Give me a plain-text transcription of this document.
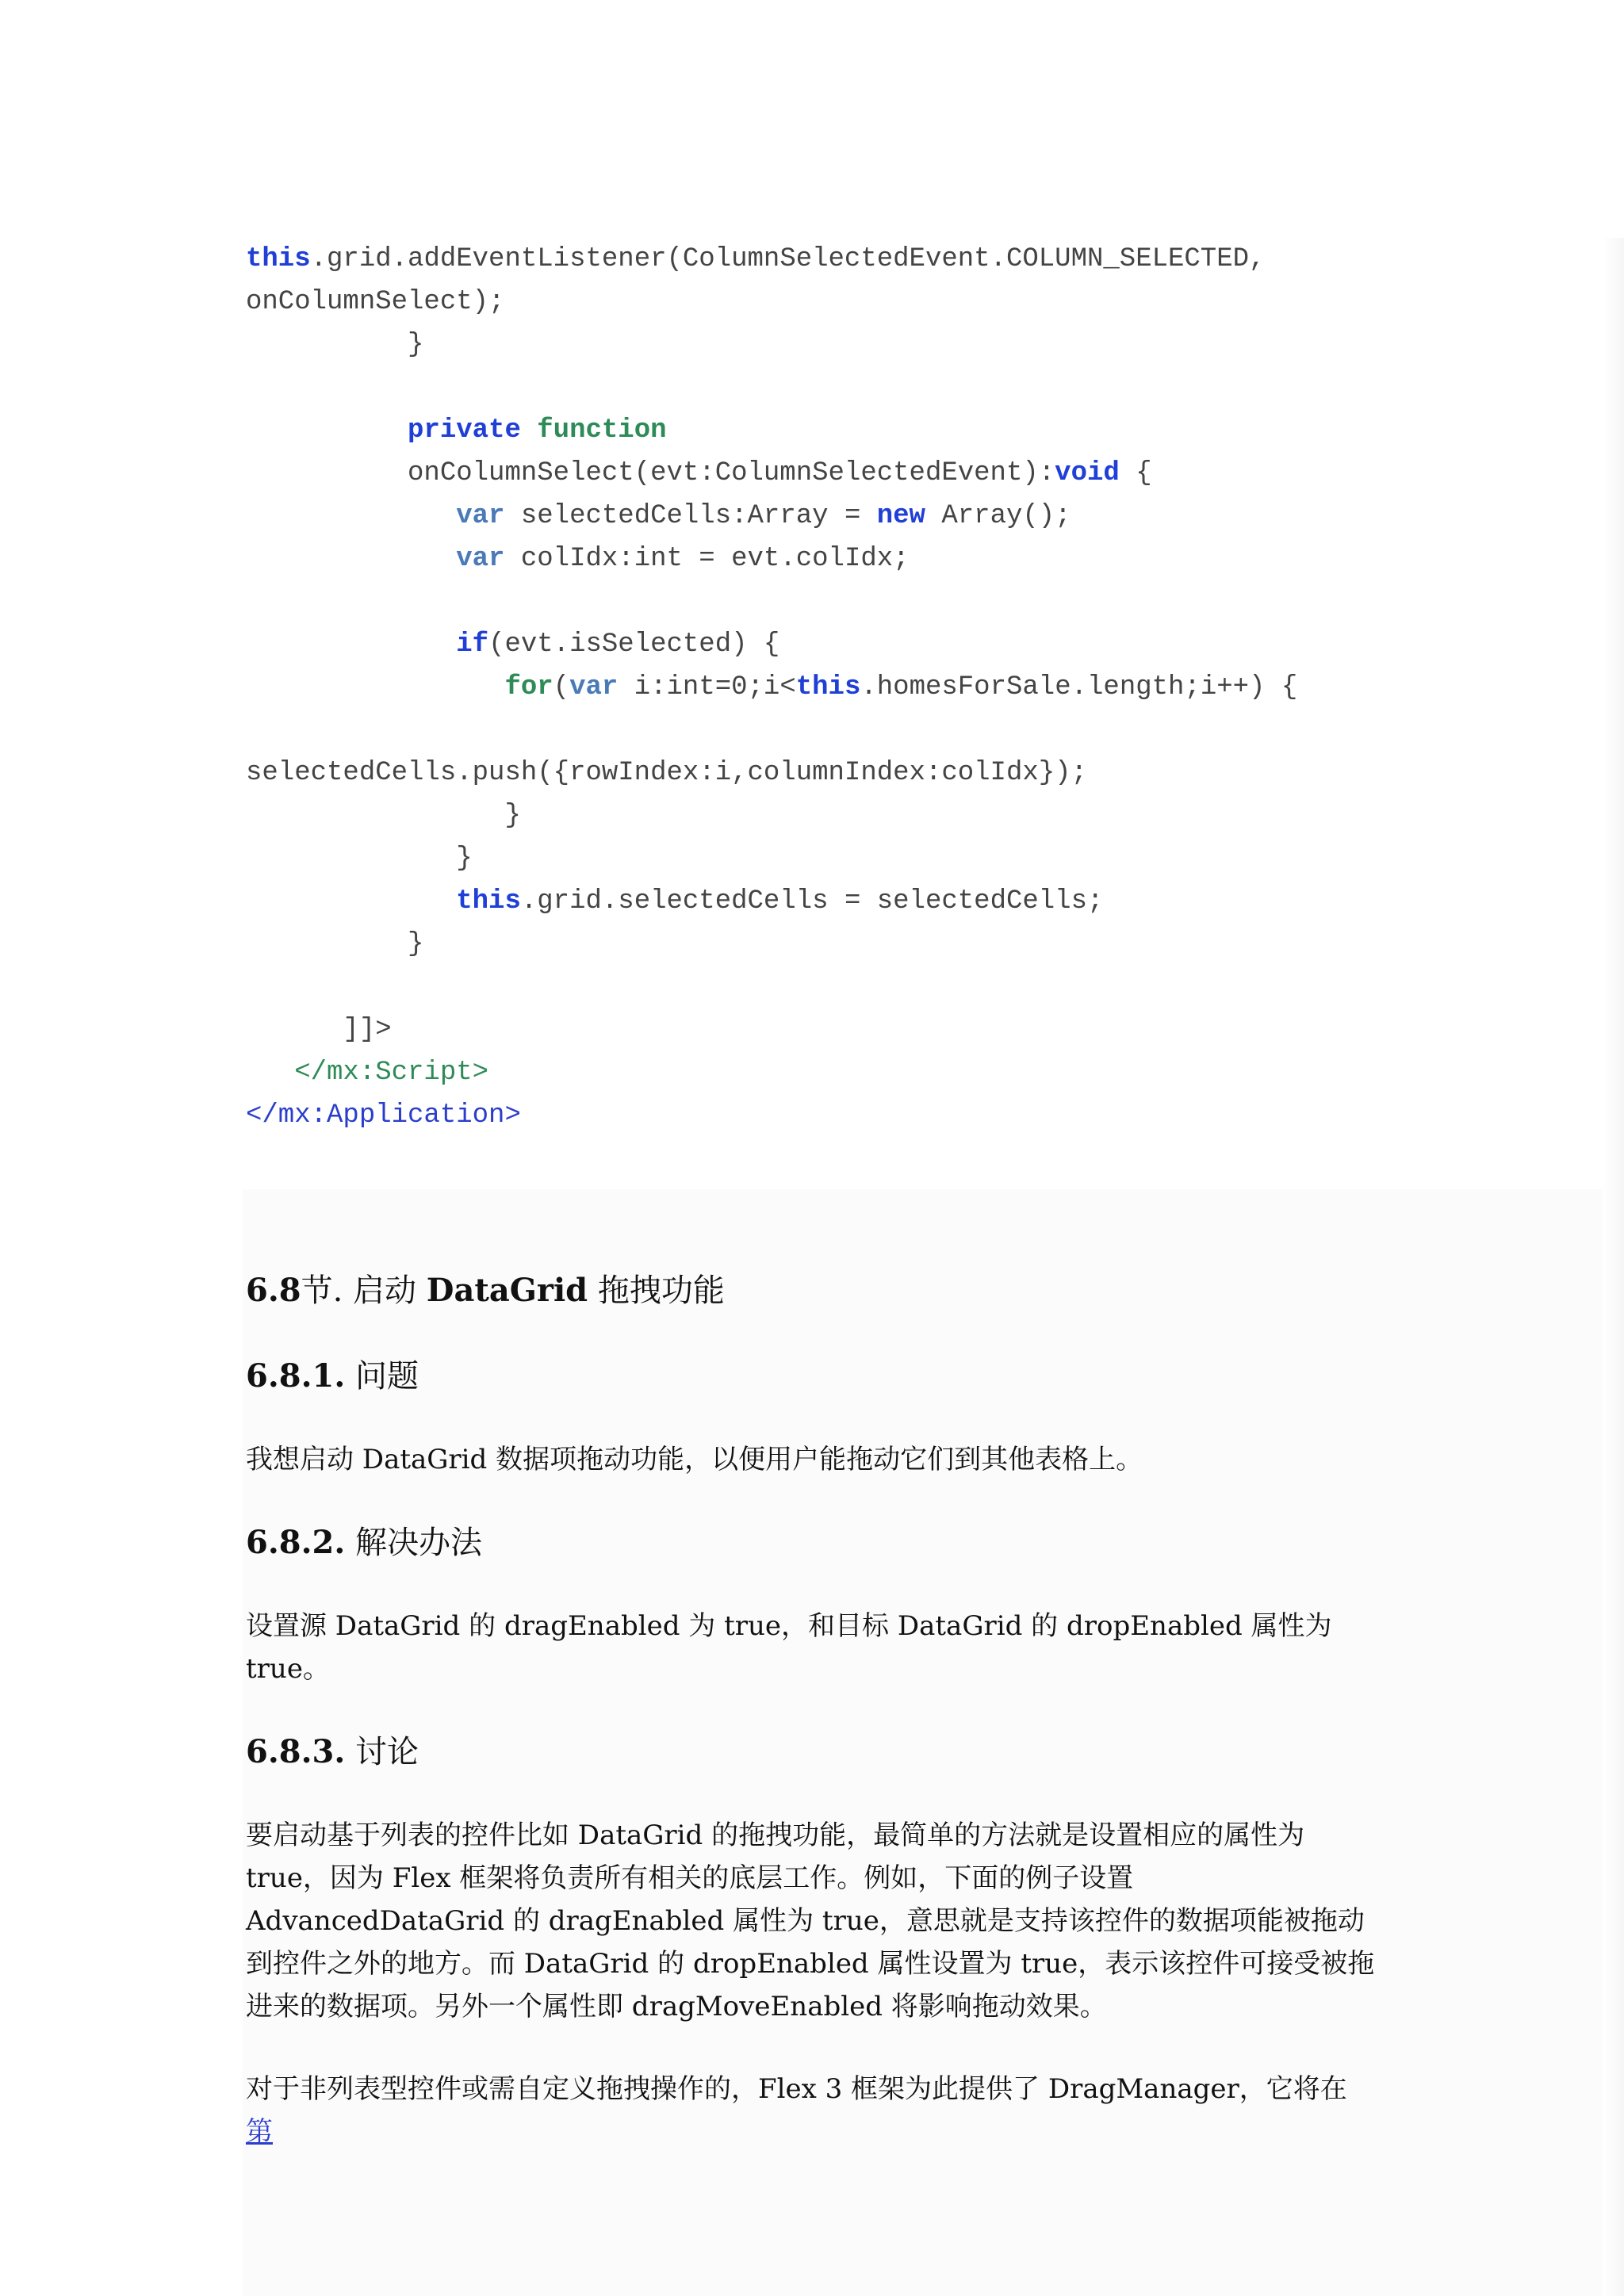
this.grid.addEventListener(ColumnSelectedEvent.COLUMN_SELECTED,
onColumnSelect);
}
private function
onColumnSelect(evt:ColumnSelectedEvent):void {
var selectedCells:Array = new Array();
var colIdx:int = evt.colIdx;
if(evt.isSelected) {
for(var i:int=0;i<this.homesForSale.length;i++) {
selectedCells.push({rowIndex:i,columnIndex:colIdx});
}
}
this.grid.selectedCells = selectedCells;
}
]]>
</mx:Script>
</mx:Application>
6.8节. 启动 DataGrid 拖拽功能
6.8.1. 问题

我想启动 DataGrid 数据项拖动功能，以便用户能拖动它们到其他表格上。

6.8.2. 解决办法

设置源 DataGrid 的 dragEnabled 为 true，和目标 DataGrid 的 dropEnabled 属性为 true。

6.8.3. 讨论

要启动基于列表的控件比如 DataGrid 的拖拽功能，最简单的方法就是设置相应的属性为true，因为 Flex 框架将负责所有相关的底层工作。例如，下面的例子设置 AdvancedDataGrid 的 dragEnabled 属性为 true，意思就是支持该控件的数据项能被拖动到控件之外的地方。而 DataGrid 的 dropEnabled 属性设置为 true，表示该控件可接受被拖进来的数据项。另外一个属性即 dragMoveEnabled 将影响拖动效果。

对于非列表型控件或需自定义拖拽操作的，Flex 3 框架为此提供了 DragManager，它将在 第
